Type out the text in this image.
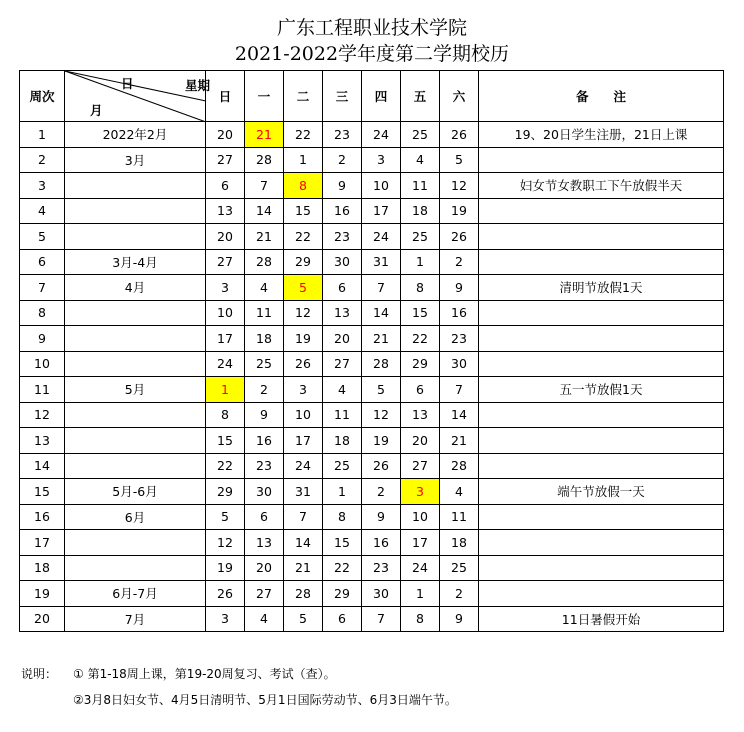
广东工程职业技术学院
2021-2022学年度第二学期校历
周次	日 星期
月	日	一	二	三	四	五	六	备　　注
1	2022年2月	20	21	22	23	24	25	26	19、20日学生注册，21日上课
2	3月	27	28	1	2	3	4	5	
3		6	7	8	9	10	11	12	妇女节女教职工下午放假半天
4		13	14	15	16	17	18	19	
5		20	21	22	23	24	25	26	
6	3月-4月	27	28	29	30	31	1	2	
7	4月	3	4	5	6	7	8	9	清明节放假1天
8		10	11	12	13	14	15	16	
9		17	18	19	20	21	22	23	
10		24	25	26	27	28	29	30	
11	5月	1	2	3	4	5	6	7	五一节放假1天
12		8	9	10	11	12	13	14	
13		15	16	17	18	19	20	21	
14		22	23	24	25	26	27	28	
15	5月-6月	29	30	31	1	2	3	4	端午节放假一天
16	6月	5	6	7	8	9	10	11	
17		12	13	14	15	16	17	18	
18		19	20	21	22	23	24	25	
19	6月-7月	26	27	28	29	30	1	2	
20	7月	3	4	5	6	7	8	9	11日暑假开始
说明： ① 第1-18周上课，第19-20周复习、考试（查）。
②3月8日妇女节、4月5日清明节、5月1日国际劳动节、6月3日端午节。
